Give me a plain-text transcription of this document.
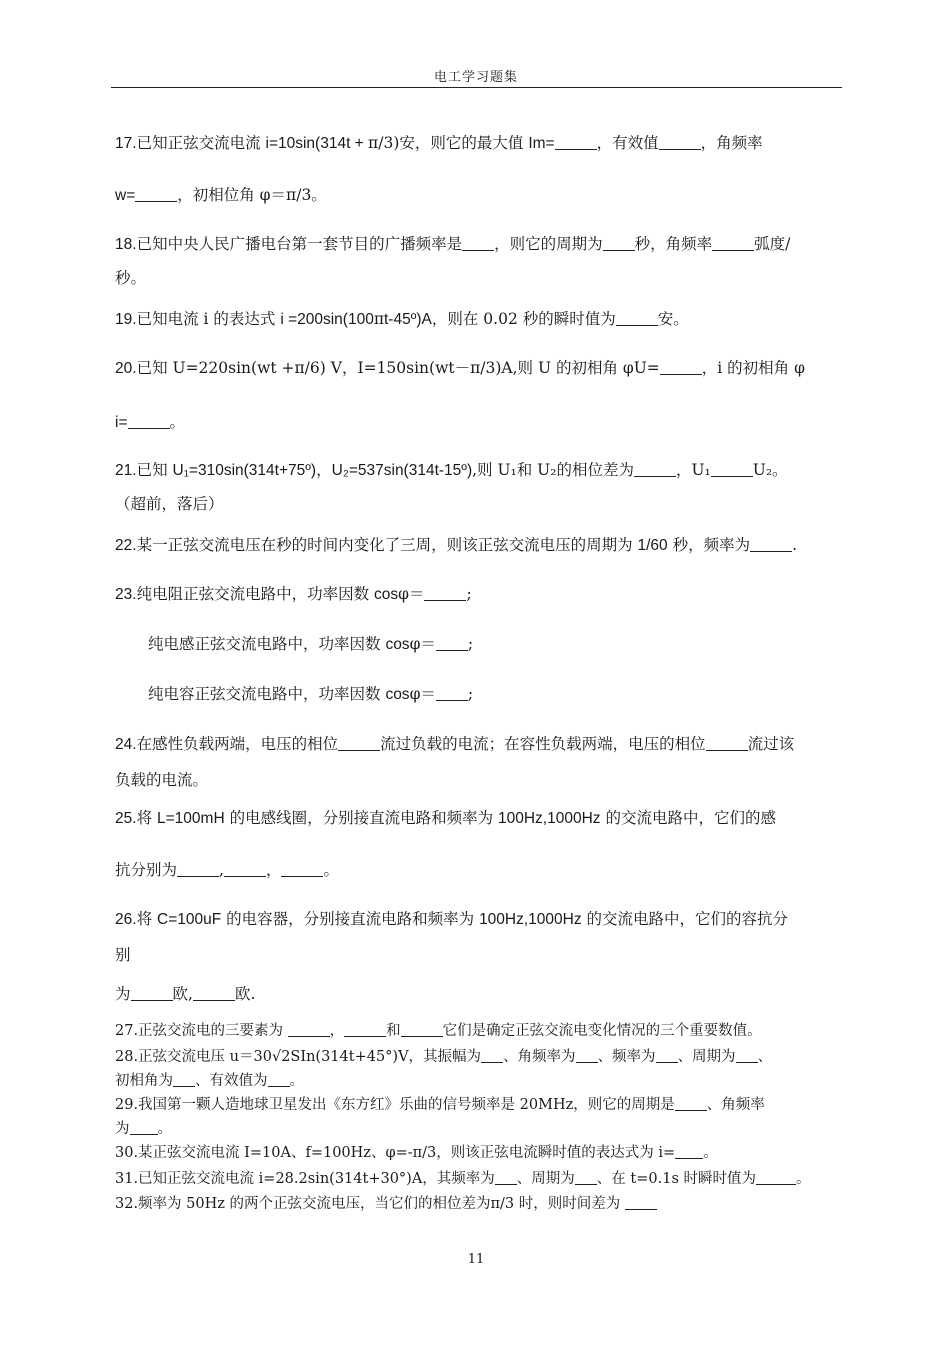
电工学习题集
17.已知正弦交流电流 i=10sin(314t + π/3)安，则它的最大值 Im=	，有效值	，角频率
w=	，初相位角 φ＝π/3。
18.已知中央人民广播电台第一套节目的广播频率是 ，则它的周期为 秒，角频率	弧度/
秒。
19.已知电流 i 的表达式 i =200sin(100πt-45º)A，则在 0.02 秒的瞬时值为	安。
20.已知 U=220sin(wt +π/6) V，I=150sin(wt－π/3)A,则 U 的初相角 φU=	，i 的初相角 φ
i=	。
21.已知 U₁=310sin(314t+75º)，U₂=537sin(314t-15º),则 U₁和 U₂的相位差为	，U₁	U₂。
（超前，落后）
22.某一正弦交流电压在秒的时间内变化了三周，则该正弦交流电压的周期为 1/60 秒，频率为	.
23.纯电阻正弦交流电路中，功率因数 cosφ＝	;
纯电感正弦交流电路中，功率因数 cosφ＝ ;
纯电容正弦交流电路中，功率因数 cosφ＝ ;
24.在感性负载两端，电压的相位	流过负载的电流；在容性负载两端，电压的相位	流过该
负载的电流。
25.将 L=100mH 的电感线圈，分别接直流电路和频率为 100Hz,1000Hz 的交流电路中，它们的感
抗分别为	,	，	。
26.将 C=100uF 的电容器，分别接直流电路和频率为 100Hz,1000Hz 的交流电路中，它们的容抗分
别
为	欧,	欧.
27.正弦交流电的三要素为	，	和	它们是确定正弦交流电变化情况的三个重要数值。
28.正弦交流电压 u＝30√2SIn(314t+45°)V，其振幅为 、角频率为 、频率为 、周期为 、
初相角为 、有效值为 。
29.我国第一颗人造地球卫星发出《东方红》乐曲的信号频率是 20MHz，则它的周期是 、角频率
为 。
30.某正弦交流电流 I=10A、f=100Hz、φ=-π/3，则该正弦电流瞬时值的表达式为 i= 。
31.已知正弦交流电流 i=28.2sin(314t+30°)A，其频率为 、周期为 、在 t=0.1s 时瞬时值为	。
32.频率为 50Hz 的两个正弦交流电压，当它们的相位差为π/3 时，则时间差为
11
